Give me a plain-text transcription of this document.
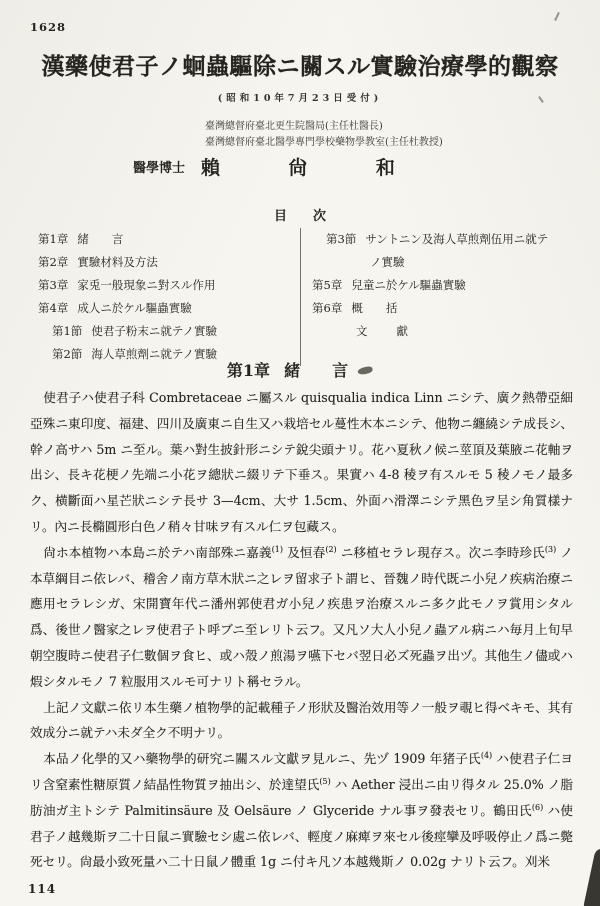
1628
漢藥使君子ノ蛔蟲驅除ニ關スル實驗治療學的觀察
(昭和10年7月23日受付)
臺灣總督府臺北更生院醫局(主任杜醫長)
臺灣總督府臺北醫學專門學校藥物學教室(主任杜教授)
醫學博士 賴尙和
目　　次
第1章 緒　　言
第2章 實驗材料及方法
第3章 家兎一般現象ニ對スル作用
第4章 成人ニ於ケル驅蟲實驗
第1節 使君子粉末ニ就テノ實驗
第2節 海人草煎劑ニ就テノ實驗
第3節 サントニン及海人草煎劑伍用ニ就テ
ノ實驗
第5章 兒童ニ於ケル驅蟲實驗
第6章 概　　括
文　　獻
第1章 緒　　言

使君子ハ使君子科 Combretaceae ニ屬スル quisqualia indica Linn ニシテ、廣ク熱帶亞細亞殊ニ東印度、福建、四川及廣東ニ自生又ハ栽培セル蔓性木本ニシテ、他物ニ纏繞シテ成長シ、幹ノ高サハ 5m ニ至ル。葉ハ對生披針形ニシテ銳尖頭ナリ。花ハ夏秋ノ候ニ莖頂及葉腋ニ花軸ヲ出シ、長キ花梗ノ先端ニ小花ヲ總狀ニ綴リテ下垂ス。果實ハ 4-8 稜ヲ有スルモ 5 稜ノモノ最多ク、横斷面ハ星芒狀ニシテ長サ 3—4cm、大サ 1.5cm、外面ハ滑澤ニシテ黑色ヲ呈シ角質樣ナリ。內ニ長橢圓形白色ノ稍々甘味ヲ有スル仁ヲ包藏ス。

尙ホ本植物ハ本島ニ於テハ南部殊ニ嘉義$^{(1)}$ 及恒春$^{(2)}$ ニ移植セラレ現存ス。次ニ李時珍氏$^{(3)}$ ノ本草綱目ニ依レバ、稽舍ノ南方草木狀ニ之レヲ留求子ト謂ヒ、晉魏ノ時代既ニ小兒ノ疾病治療ニ應用セラレシガ、宋開寶年代ニ潘州郭使君ガ小兒ノ疾患ヲ治療スルニ多ク此モノヲ賞用シタル爲、後世ノ醫家之レヲ使君子ト呼ブニ至レリト云フ。又凡ソ大人小兒ノ蟲アル病ニハ毎月上旬早朝空腹時ニ使君子仁數個ヲ食ヒ、或ハ殼ノ煎湯ヲ嚥下セバ翌日必ズ死蟲ヲ出ヅ。其他生ノ儘或ハ煆シタルモノ 7 粒服用スルモ可ナリト稱セラル。

上記ノ文獻ニ依リ本生藥ノ植物學的記載種子ノ形狀及醫治效用等ノ一般ヲ覗ヒ得ベキモ、其有效成分ニ就テハ未ダ全ク不明ナリ。

本品ノ化學的又ハ藥物學的研究ニ關スル文獻ヲ見ルニ、先ヅ 1909 年猪子氏$^{(4)}$ ハ使君子仁ヨリ含窒素性糖原質ノ結晶性物質ヲ抽出シ、於達望氏$^{(5)}$ ハ Aether 浸出ニ由リ得タル 25.0% ノ脂肪油ガ主トシテ Palmitinsäure 及 Oelsäure ノ Glyceride ナル事ヲ發表セリ。鶴田氏$^{(6)}$ ハ使君子ノ越幾斯ヲ二十日鼠ニ實驗セシ處ニ依レバ、輕度ノ麻痺ヲ來セル後痙攣及呼吸停止ノ爲ニ斃死セリ。尙最小致死量ハ二十日鼠ノ體重 1g ニ付キ凡ソ本越幾斯ノ 0.02g ナリト云フ。刈米

114
